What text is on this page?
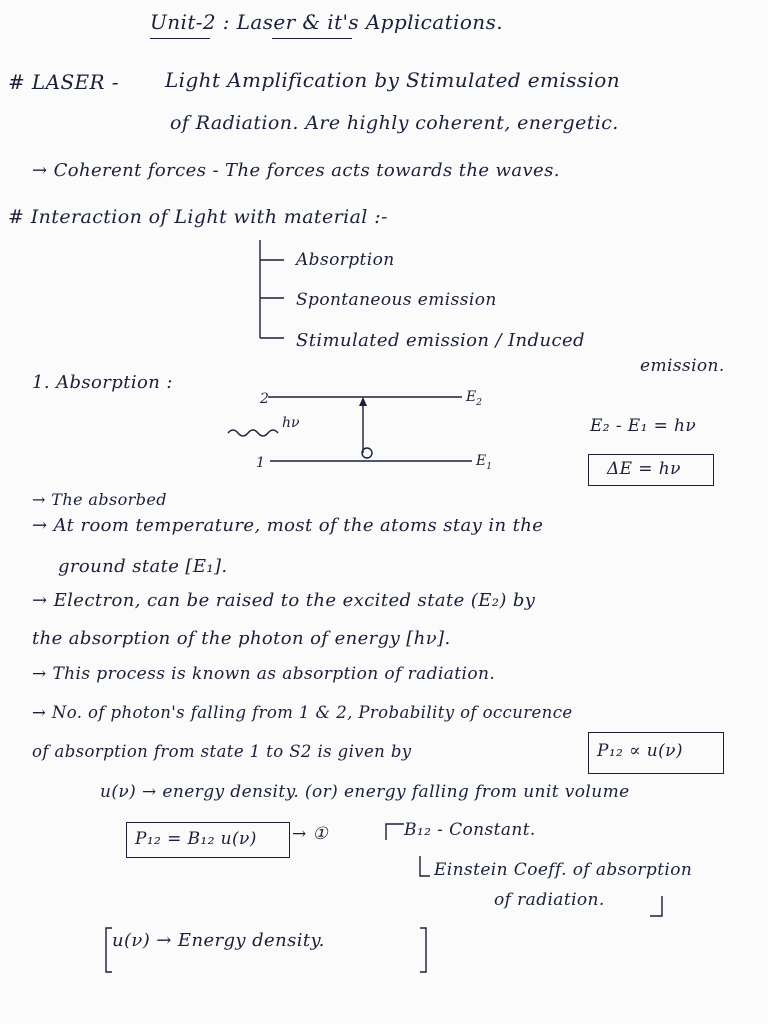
Unit-2 : Laser & it's Applications.
# LASER - Light Amplification by Stimulated emission
of Radiation. Are highly coherent, energetic.
→ Coherent forces - The forces acts towards the waves.
# Interaction of Light with material :-
Absorption
Spontaneous emission
Stimulated emission / Induced
emission.
1. Absorption :
2
1
$E_2$
$E_1$
hν	E₂ - E₁ = hν
ΔE = hν
→ The absorbed
→ At room temperature, most of the atoms stay in the
ground state [E₁].
→ Electron, can be raised to the excited state (E₂) by
the absorption of the photon of energy [hν].
→ This process is known as absorption of radiation.
→ No. of photon's falling from 1 & 2, Probability of occurence
of absorption from state 1 to S2 is given by	P₁₂ ∝ u(ν)
u(ν) → energy density. (or) energy falling from unit volume
P₁₂ = B₁₂ u(ν) → ①	B₁₂ - Constant.
Einstein Coeff. of absorption
of radiation.
u(ν) → Energy density.
